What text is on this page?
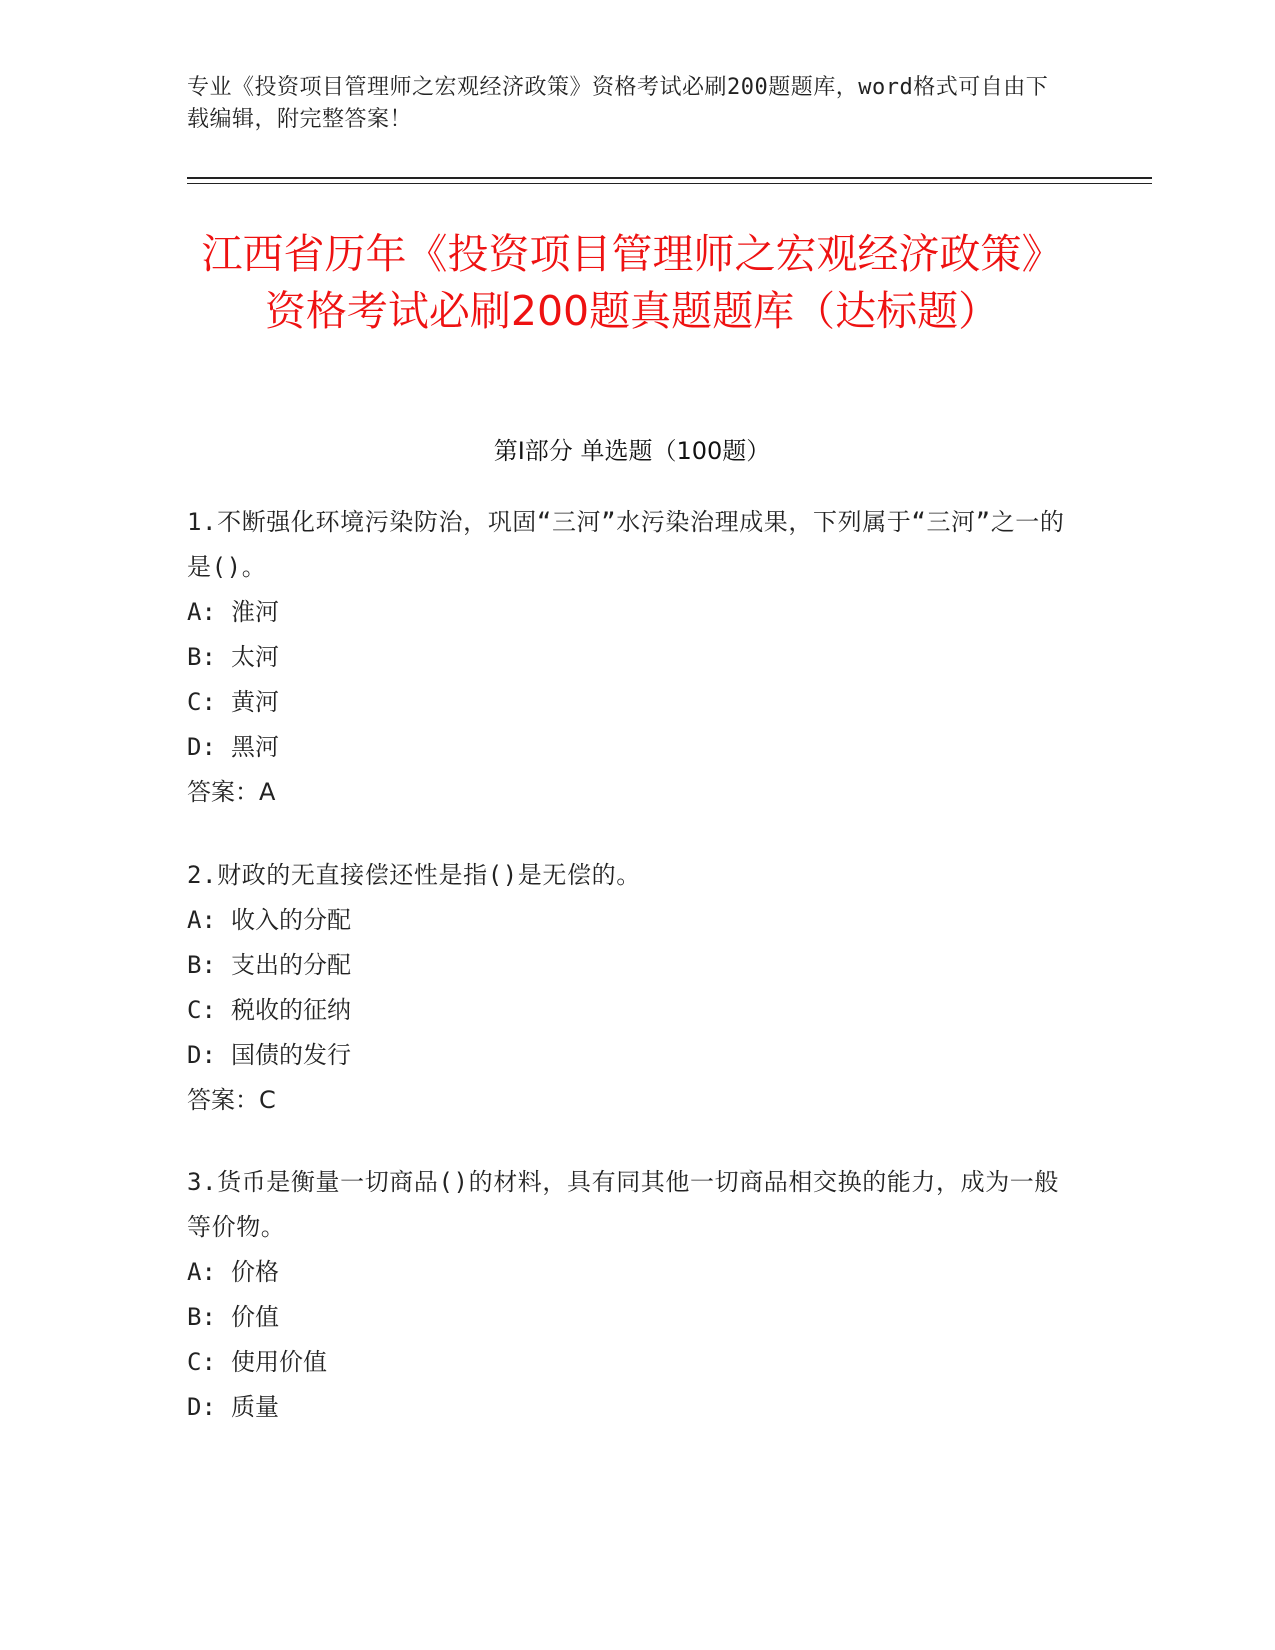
专业《投资项目管理师之宏观经济政策》资格考试必刷200题题库，word格式可自由下载编辑，附完整答案！
江西省历年《投资项目管理师之宏观经济政策》资格考试必刷200题真题题库（达标题）
第I部分 单选题（100题）
1.不断强化环境污染防治，巩固“三河”水污染治理成果，下列属于“三河”之一的是()。
A: 淮河
B: 太河
C: 黄河
D: 黑河
答案：A
2.财政的无直接偿还性是指()是无偿的。
A: 收入的分配
B: 支出的分配
C: 税收的征纳
D: 国债的发行
答案：C
3.货币是衡量一切商品()的材料，具有同其他一切商品相交换的能力，成为一般等价物。
A: 价格
B: 价值
C: 使用价值
D: 质量
